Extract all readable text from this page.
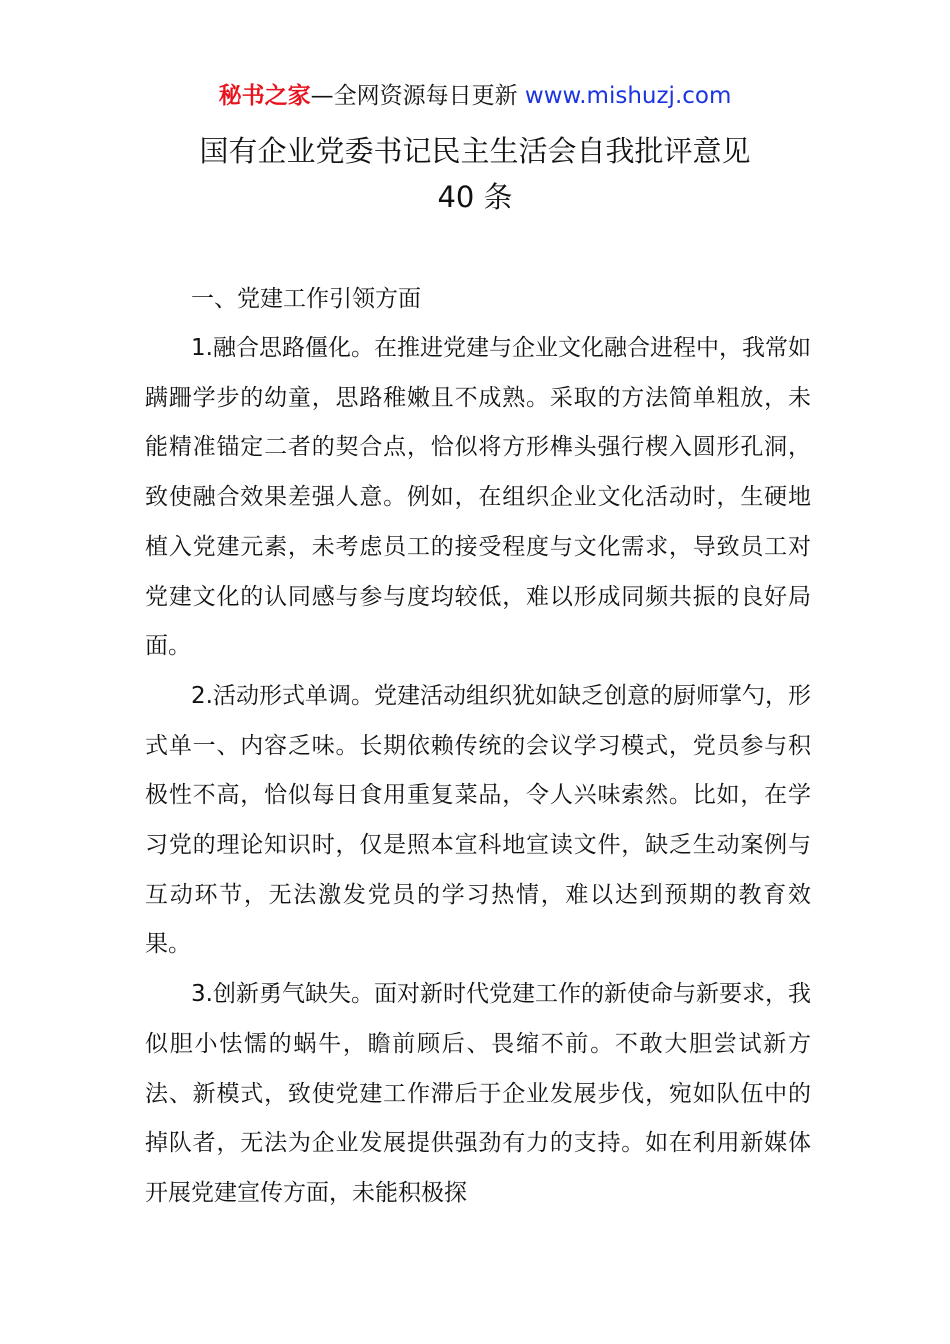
秘书之家—全网资源每日更新 www.mishuzj.com
国有企业党委书记民主生活会自我批评意见
40 条

一、党建工作引领方面

1.融合思路僵化。在推进党建与企业文化融合进程中，我常如蹒跚学步的幼童，思路稚嫩且不成熟。采取的方法简单粗放，未能精准锚定二者的契合点，恰似将方形榫头强行楔入圆形孔洞，致使融合效果差强人意。例如，在组织企业文化活动时，生硬地植入党建元素，未考虑员工的接受程度与文化需求，导致员工对党建文化的认同感与参与度均较低，难以形成同频共振的良好局面。

2.活动形式单调。党建活动组织犹如缺乏创意的厨师掌勺，形式单一、内容乏味。长期依赖传统的会议学习模式，党员参与积极性不高，恰似每日食用重复菜品，令人兴味索然。比如，在学习党的理论知识时，仅是照本宣科地宣读文件，缺乏生动案例与互动环节，无法激发党员的学习热情，难以达到预期的教育效果。

3.创新勇气缺失。面对新时代党建工作的新使命与新要求，我似胆小怯懦的蜗牛，瞻前顾后、畏缩不前。不敢大胆尝试新方法、新模式，致使党建工作滞后于企业发展步伐，宛如队伍中的掉队者，无法为企业发展提供强劲有力的支持。如在利用新媒体开展党建宣传方面，未能积极探
